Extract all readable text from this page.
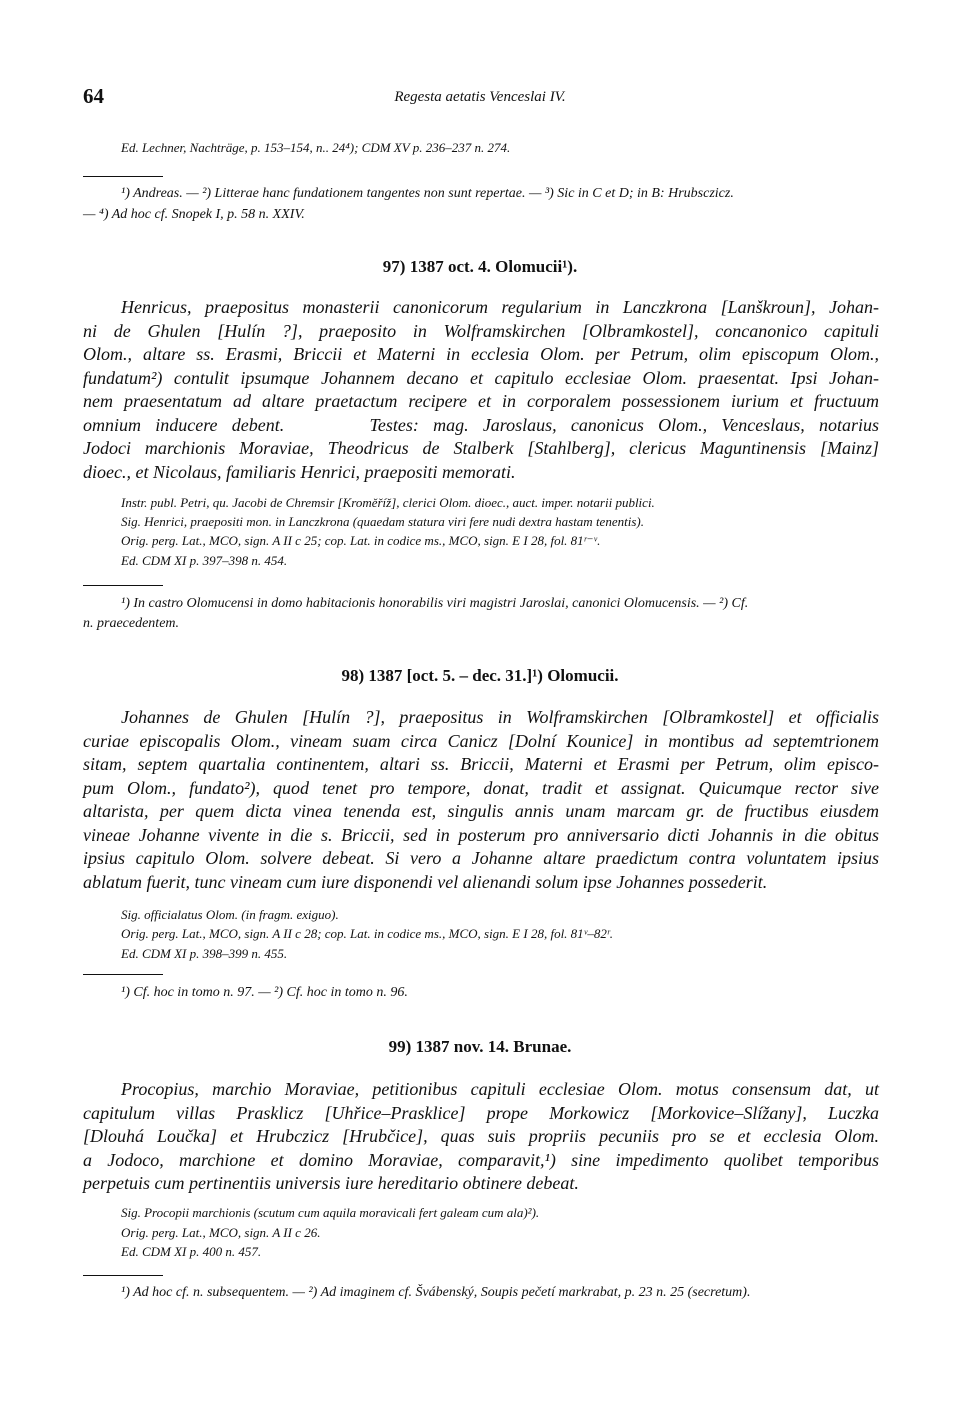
64	Regesta aetatis Venceslai IV.
Ed. Lechner, Nachträge, p. 153–154, n.. 24⁴); CDM XV p. 236–237 n. 274.
¹) Andreas. — ²) Litterae hanc fundationem tangentes non sunt repertae. — ³) Sic in C et D; in B: Hrubsczicz.
— ⁴) Ad hoc cf. Snopek I, p. 58 n. XXIV.
97) 1387 oct. 4. Olomucii¹).
Henricus, praepositus monasterii canonicorum regularium in Lanczkrona [Lanškroun], Johan-
ni de Ghulen [Hulín ?], praeposito in Wolframskirchen [Olbramkostel], concanonico capituli
Olom., altare ss. Erasmi, Briccii et Materni in ecclesia Olom. per Petrum, olim episcopum Olom.,
fundatum²) contulit ipsumque Johannem decano et capitulo ecclesiae Olom. praesentat. Ipsi Johan-
nem praesentatum ad altare praetactum recipere et in corporalem possessionem iurium et fructuum
omnium inducere debent.      Testes: mag. Jaroslaus, canonicus Olom., Venceslaus, notarius
Jodoci marchionis Moraviae, Theodricus de Stalberk [Stahlberg], clericus Maguntinensis [Mainz]
dioec., et Nicolaus, familiaris Henrici, praepositi memorati.
Instr. publ. Petri, qu. Jacobi de Chremsir [Kroměříž], clerici Olom. dioec., auct. imper. notarii publici.
Sig. Henrici, praepositi mon. in Lanczkrona (quaedam statura viri fere nudi dextra hastam tenentis).
Orig. perg. Lat., MCO, sign. A II c 25; cop. Lat. in codice ms., MCO, sign. E I 28, fol. 81ʳ⁻ᵛ.
Ed. CDM XI p. 397–398 n. 454.
¹) In castro Olomucensi in domo habitacionis honorabilis viri magistri Jaroslai, canonici Olomucensis. — ²) Cf.
n. praecedentem.
98) 1387 [oct. 5. – dec. 31.]¹) Olomucii.
Johannes de Ghulen [Hulín ?], praepositus in Wolframskirchen [Olbramkostel] et officialis
curiae episcopalis Olom., vineam suam circa Canicz [Dolní Kounice] in montibus ad septemtrionem
sitam, septem quartalia continentem, altari ss. Briccii, Materni et Erasmi per Petrum, olim episco-
pum Olom., fundato²), quod tenet pro tempore, donat, tradit et assignat. Quicumque rector sive
altarista, per quem dicta vinea tenenda est, singulis annis unam marcam gr. de fructibus eiusdem
vineae Johanne vivente in die s. Briccii, sed in posterum pro anniversario dicti Johannis in die obitus
ipsius capitulo Olom. solvere debeat. Si vero a Johanne altare praedictum contra voluntatem ipsius
ablatum fuerit, tunc vineam cum iure disponendi vel alienandi solum ipse Johannes possederit.
Sig. officialatus Olom. (in fragm. exiguo).
Orig. perg. Lat., MCO, sign. A II c 28; cop. Lat. in codice ms., MCO, sign. E I 28, fol. 81ᵛ–82ʳ.
Ed. CDM XI p. 398–399 n. 455.
¹) Cf. hoc in tomo n. 97. — ²) Cf. hoc in tomo n. 96.
99) 1387 nov. 14. Brunae.
Procopius, marchio Moraviae, petitionibus capituli ecclesiae Olom. motus consensum dat, ut
capitulum villas Prasklicz [Uhřice–Prasklice] prope Morkowicz [Morkovice–Slížany], Luczka
[Dlouhá Loučka] et Hrubczicz [Hrubčice], quas suis propriis pecuniis pro se et ecclesia Olom.
a Jodoco, marchione et domino Moraviae, comparavit,¹) sine impedimento quolibet temporibus
perpetuis cum pertinentiis universis iure hereditario obtinere debeat.
Sig. Procopii marchionis (scutum cum aquila moravicali fert galeam cum ala)²).
Orig. perg. Lat., MCO, sign. A II c 26.
Ed. CDM XI p. 400 n. 457.
¹) Ad hoc cf. n. subsequentem. — ²) Ad imaginem cf. Švábenský, Soupis pečetí markrabat, p. 23 n. 25 (secretum).
